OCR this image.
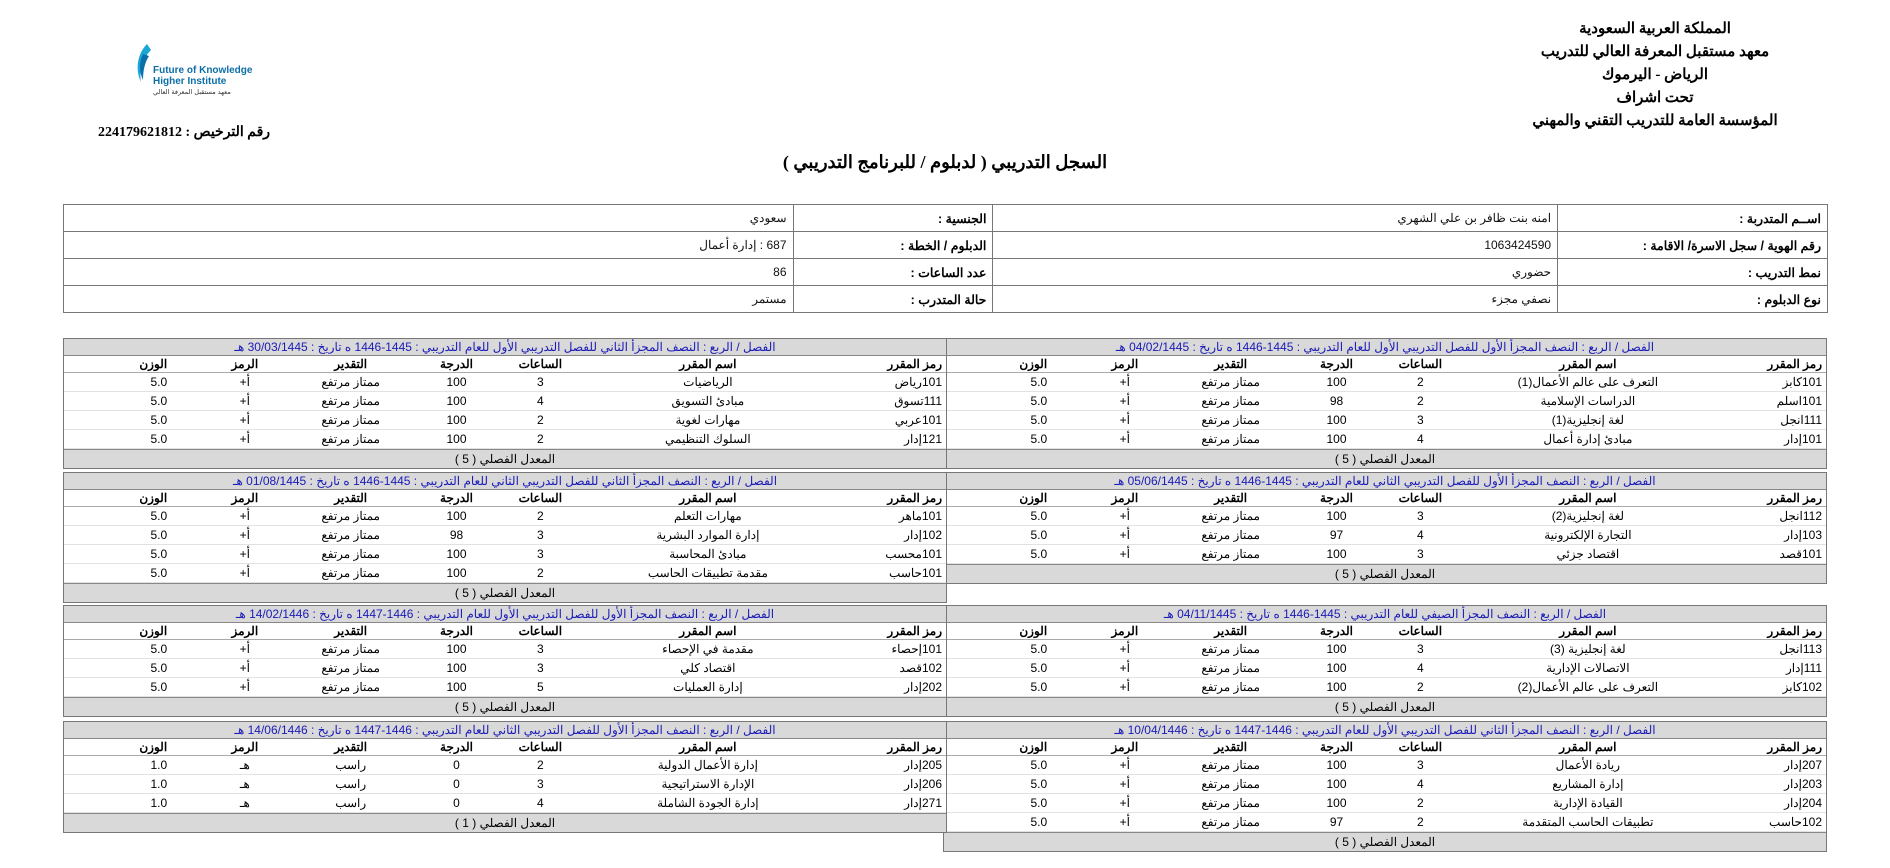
المملكة العربية السعودية
معهد مستقبل المعرفة العالي للتدريب
الرياض - اليرموك
تحت اشراف
المؤسسة العامة للتدريب التقني والمهني
Future of Knowledge
Higher Institute
معهد مستقبل المعرفة العالي
رقم الترخيص : 224179621812
السجل التدريبي ( لدبلوم / للبرنامج التدريبي )
اســم المتدربة :	امنه بنت ظافر بن علي الشهري	الجنسية :	سعودي
رقم الهوية / سجل الاسرة/ الاقامة :	1063424590	الدبلوم / الخطة :	687 : إدارة أعمال
نمط التدريب :	حضوري	عدد الساعات :	86
نوع الدبلوم :	نصفي مجزء	حالة المتدرب :	مستمر
الفصل / الربع : النصف المجزأ الأول للفصل التدريبي الأول للعام التدريبي : 1445-1446 ه تاريخ : 04/02/1445 هـ
رمز المقرر	اسم المقرر	الساعات	الدرجة	التقدير	الرمز	الوزن
101كابز	التعرف على عالم الأعمال(1)	2	100	ممتاز مرتفع	أ+	5.0
101اسلم	الدراسات الإسلامية	2	98	ممتاز مرتفع	أ+	5.0
111انجل	لغة إنجليزية(1)	3	100	ممتاز مرتفع	أ+	5.0
101إدار	مبادئ إدارة أعمال	4	100	ممتاز مرتفع	أ+	5.0
المعدل الفصلي ( 5 )
الفصل / الربع : النصف المجزأ الثاني للفصل التدريبي الأول للعام التدريبي : 1445-1446 ه تاريخ : 30/03/1445 هـ
رمز المقرر	اسم المقرر	الساعات	الدرجة	التقدير	الرمز	الوزن
101رياض	الرياضيات	3	100	ممتاز مرتفع	أ+	5.0
111تسوق	مبادئ التسويق	4	100	ممتاز مرتفع	أ+	5.0
101عربي	مهارات لغوية	2	100	ممتاز مرتفع	أ+	5.0
121إدار	السلوك التنظيمي	2	100	ممتاز مرتفع	أ+	5.0
المعدل الفصلي ( 5 )
الفصل / الربع : النصف المجزأ الأول للفصل التدريبي الثاني للعام التدريبي : 1445-1446 ه تاريخ : 05/06/1445 هـ
رمز المقرر	اسم المقرر	الساعات	الدرجة	التقدير	الرمز	الوزن
112انجل	لغة إنجليزية(2)	3	100	ممتاز مرتفع	أ+	5.0
103إدار	التجارة الإلكترونية	4	97	ممتاز مرتفع	أ+	5.0
101قصد	اقتصاد جزئي	3	100	ممتاز مرتفع	أ+	5.0
المعدل الفصلي ( 5 )
الفصل / الربع : النصف المجزأ الثاني للفصل التدريبي الثاني للعام التدريبي : 1445-1446 ه تاريخ : 01/08/1445 هـ
رمز المقرر	اسم المقرر	الساعات	الدرجة	التقدير	الرمز	الوزن
101ماهر	مهارات التعلم	2	100	ممتاز مرتفع	أ+	5.0
102إدار	إدارة الموارد البشرية	3	98	ممتاز مرتفع	أ+	5.0
101محسب	مبادئ المحاسبة	3	100	ممتاز مرتفع	أ+	5.0
101حاسب	مقدمة تطبيقات الحاسب	2	100	ممتاز مرتفع	أ+	5.0
المعدل الفصلي ( 5 )
الفصل / الربع : النصف المجزأ الصيفي للعام التدريبي : 1445-1446 ه تاريخ : 04/11/1445 هـ
رمز المقرر	اسم المقرر	الساعات	الدرجة	التقدير	الرمز	الوزن
113انجل	لغة إنجليزية (3)	3	100	ممتاز مرتفع	أ+	5.0
111إدار	الاتصالات الإدارية	4	100	ممتاز مرتفع	أ+	5.0
102كابز	التعرف على عالم الأعمال(2)	2	100	ممتاز مرتفع	أ+	5.0
المعدل الفصلي ( 5 )
الفصل / الربع : النصف المجزأ الأول للفصل التدريبي الأول للعام التدريبي : 1446-1447 ه تاريخ : 14/02/1446 هـ
رمز المقرر	اسم المقرر	الساعات	الدرجة	التقدير	الرمز	الوزن
101إحصاء	مقدمة في الإحصاء	3	100	ممتاز مرتفع	أ+	5.0
102قصد	اقتصاد كلي	3	100	ممتاز مرتفع	أ+	5.0
202إدار	إدارة العمليات	5	100	ممتاز مرتفع	أ+	5.0
المعدل الفصلي ( 5 )
الفصل / الربع : النصف المجزأ الثاني للفصل التدريبي الأول للعام التدريبي : 1446-1447 ه تاريخ : 10/04/1446 هـ
رمز المقرر	اسم المقرر	الساعات	الدرجة	التقدير	الرمز	الوزن
207إدار	ريادة الأعمال	3	100	ممتاز مرتفع	أ+	5.0
203إدار	إدارة المشاريع	4	100	ممتاز مرتفع	أ+	5.0
204إدار	القيادة الإدارية	2	100	ممتاز مرتفع	أ+	5.0
102حاسب	تطبيقات الحاسب المتقدمة	2	97	ممتاز مرتفع	أ+	5.0
المعدل الفصلي ( 5 )
الفصل / الربع : النصف المجزأ الأول للفصل التدريبي الثاني للعام التدريبي : 1446-1447 ه تاريخ : 14/06/1446 هـ
رمز المقرر	اسم المقرر	الساعات	الدرجة	التقدير	الرمز	الوزن
205إدار	إدارة الأعمال الدولية	2	0	راسب	هـ	1.0
206إدار	الإدارة الاستراتيجية	3	0	راسب	هـ	1.0
271إدار	إدارة الجودة الشاملة	4	0	راسب	هـ	1.0
المعدل الفصلي ( 1 )
